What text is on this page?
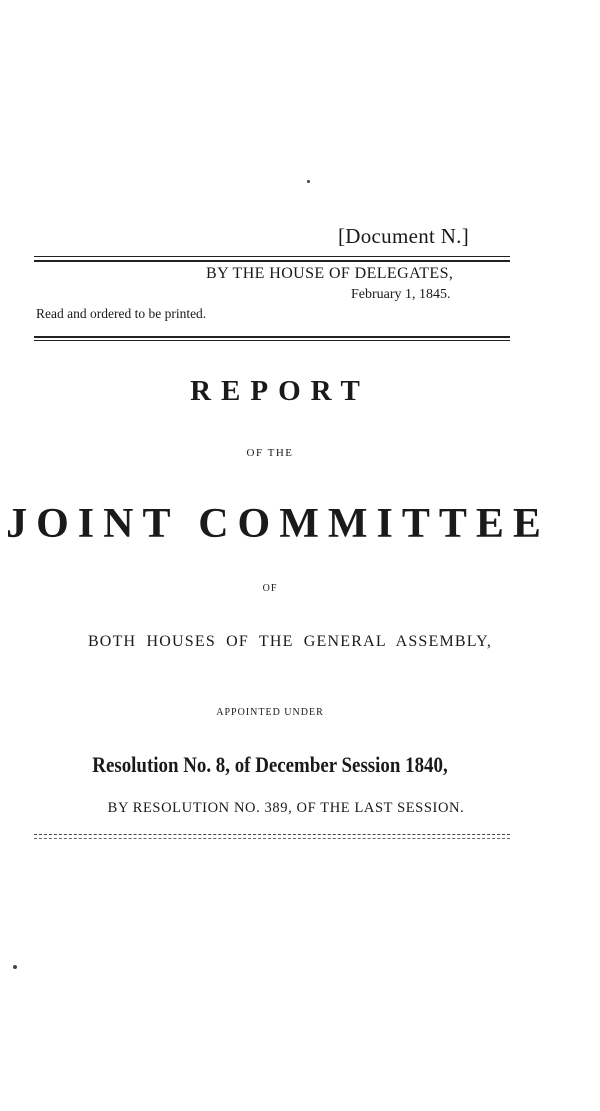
[Document N.]
BY THE HOUSE OF DELEGATES,
February 1, 1845.
Read and ordered to be printed.
REPORT
OF THE
JOINT COMMITTEE
OF
BOTH HOUSES OF THE GENERAL ASSEMBLY,
APPOINTED UNDER
Resolution No. 8, of December Session 1840,
BY RESOLUTION NO. 389, OF THE LAST SESSION.
